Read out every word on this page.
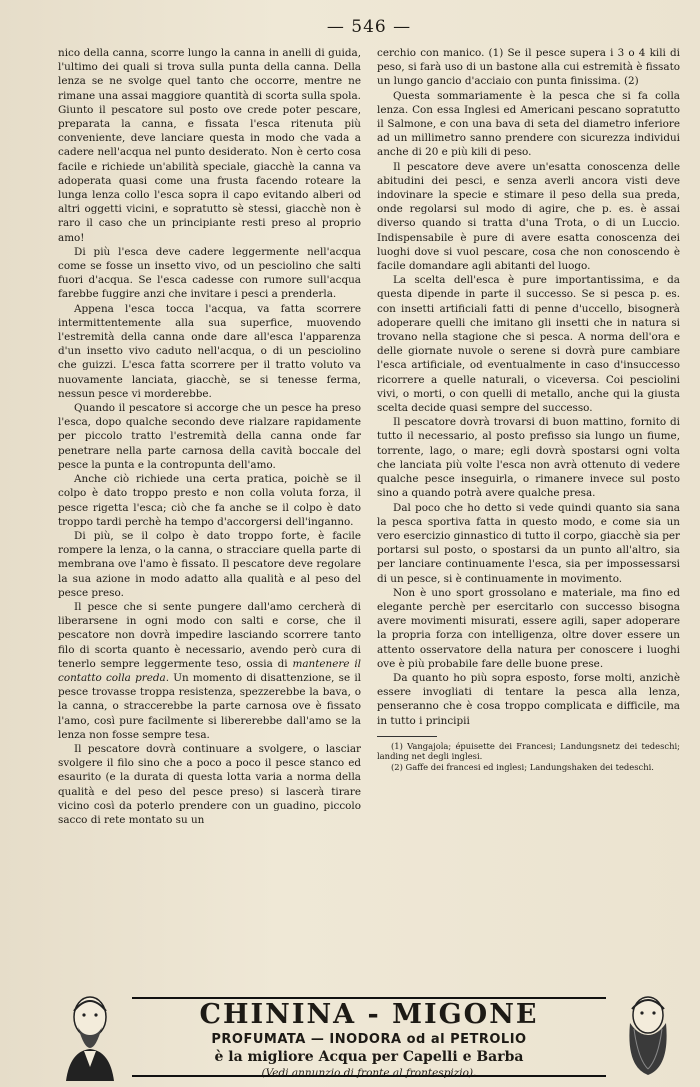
— 546 —

nico della canna, scorre lungo la canna in anelli di guida, l'ultimo dei quali si trova sulla punta della canna. Della lenza se ne svolge quel tanto che occorre, mentre ne rimane una assai maggiore quantità di scorta sulla spola. Giunto il pescatore sul posto ove crede poter pescare, preparata la canna, e fissata l'esca ritenuta più conveniente, deve lanciare questa in modo che vada a cadere nell'acqua nel punto desiderato. Non è certo cosa facile e richiede un'abilità speciale, giacchè la canna va adoperata quasi come una frusta facendo roteare la lunga lenza collo l'esca sopra il capo evitando alberi od altri oggetti vicini, e sopratutto sè stessi, giacchè non è raro il caso che un principiante resti preso al proprio amo!

Di più l'esca deve cadere leggermente nell'acqua come se fosse un insetto vivo, od un pesciolino che salti fuori d'acqua. Se l'esca cadesse con rumore sull'acqua farebbe fuggire anzi che invitare i pesci a prenderla.

Appena l'esca tocca l'acqua, va fatta scorrere intermittentemente alla sua superfice, muovendo l'estremità della canna onde dare all'esca l'apparenza d'un insetto vivo caduto nell'acqua, o di un pesciolino che guizzi. L'esca fatta scorrere per il tratto voluto va nuovamente lanciata, giacchè, se si tenesse ferma, nessun pesce vi morderebbe.

Quando il pescatore si accorge che un pesce ha preso l'esca, dopo qualche secondo deve rialzare rapidamente per piccolo tratto l'estremità della canna onde far penetrare nella parte carnosa della cavità boccale del pesce la punta e la contropunta dell'amo.

Anche ciò richiede una certa pratica, poichè se il colpo è dato troppo presto e non colla voluta forza, il pesce rigetta l'esca; ciò che fa anche se il colpo è dato troppo tardi perchè ha tempo d'accorgersi dell'inganno.

Di più, se il colpo è dato troppo forte, è facile rompere la lenza, o la canna, o stracciare quella parte di membrana ove l'amo è fissato. Il pescatore deve regolare la sua azione in modo adatto alla qualità e al peso del pesce preso.

Il pesce che si sente pungere dall'amo cercherà di liberarsene in ogni modo con salti e corse, che il pescatore non dovrà impedire lasciando scorrere tanto filo di scorta quanto è necessario, avendo però cura di tenerlo sempre leggermente teso, ossia di mantenere il contatto colla preda. Un momento di disattenzione, se il pesce trovasse troppa resistenza, spezzerebbe la bava, o la canna, o straccerebbe la parte carnosa ove è fissato l'amo, così pure facilmente si libererebbe dall'amo se la lenza non fosse sempre tesa.

Il pescatore dovrà continuare a svolgere, o lasciar svolgere il filo sino che a poco a poco il pesce stanco ed esaurito (e la durata di questa lotta varia a norma della qualità e del peso del pesce preso) si lascerà tirare vicino così da poterlo prendere con un guadino, piccolo sacco di rete montato su un

cerchio con manico. (1) Se il pesce supera i 3 o 4 kili di peso, si farà uso di un bastone alla cui estremità è fissato un lungo gancio d'acciaio con punta finissima. (2)

Questa sommariamente è la pesca che si fa colla lenza. Con essa Inglesi ed Americani pescano sopratutto il Salmone, e con una bava di seta del diametro inferiore ad un millimetro sanno prendere con sicurezza individui anche di 20 e più kili di peso.

Il pescatore deve avere un'esatta conoscenza delle abitudini dei pesci, e senza averli ancora visti deve indovinare la specie e stimare il peso della sua preda, onde regolarsi sul modo di agire, che p. es. è assai diverso quando si tratta d'una Trota, o di un Luccio. Indispensabile è pure di avere esatta conoscenza dei luoghi dove si vuol pescare, cosa che non conoscendo è facile domandare agli abitanti del luogo.

La scelta dell'esca è pure importantissima, e da questa dipende in parte il successo. Se si pesca p. es. con insetti artificiali fatti di penne d'uccello, bisognerà adoperare quelli che imitano gli insetti che in natura si trovano nella stagione che si pesca. A norma dell'ora e delle giornate nuvole o serene si dovrà pure cambiare l'esca artificiale, od eventualmente in caso d'insuccesso ricorrere a quelle naturali, o viceversa. Coi pesciolini vivi, o morti, o con quelli di metallo, anche qui la giusta scelta decide quasi sempre del successo.

Il pescatore dovrà trovarsi di buon mattino, fornito di tutto il necessario, al posto prefisso sia lungo un fiume, torrente, lago, o mare; egli dovrà spostarsi ogni volta che lanciata più volte l'esca non avrà ottenuto di vedere qualche pesce inseguirla, o rimanere invece sul posto sino a quando potrà avere qualche presa.

Dal poco che ho detto si vede quindi quanto sia sana la pesca sportiva fatta in questo modo, e come sia un vero esercizio ginnastico di tutto il corpo, giacchè sia per portarsi sul posto, o spostarsi da un punto all'altro, sia per lanciare continuamente l'esca, sia per impossessarsi di un pesce, si è continuamente in movimento.

Non è uno sport grossolano e materiale, ma fino ed elegante perchè per esercitarlo con successo bisogna avere movimenti misurati, essere agili, saper adoperare la propria forza con intelligenza, oltre dover essere un attento osservatore della natura per conoscere i luoghi ove è più probabile fare delle buone prese.

Da quanto ho più sopra esposto, forse molti, anzichè essere invogliati di tentare la pesca alla lenza, penseranno che è cosa troppo complicata e difficile, ma in tutto i principii

(1) Vangajola; épuisette dei Francesi; Landungsnetz dei tedeschi; landing net degli inglesi.
(2) Gaffe dei francesi ed inglesi; Landungshaken dei tedeschi.
CHININA - MIGONE
PROFUMATA — INODORA od al PETROLIO
è la migliore Acqua per Capelli e Barba
(Vedi annunzio di fronte al frontespizio).
